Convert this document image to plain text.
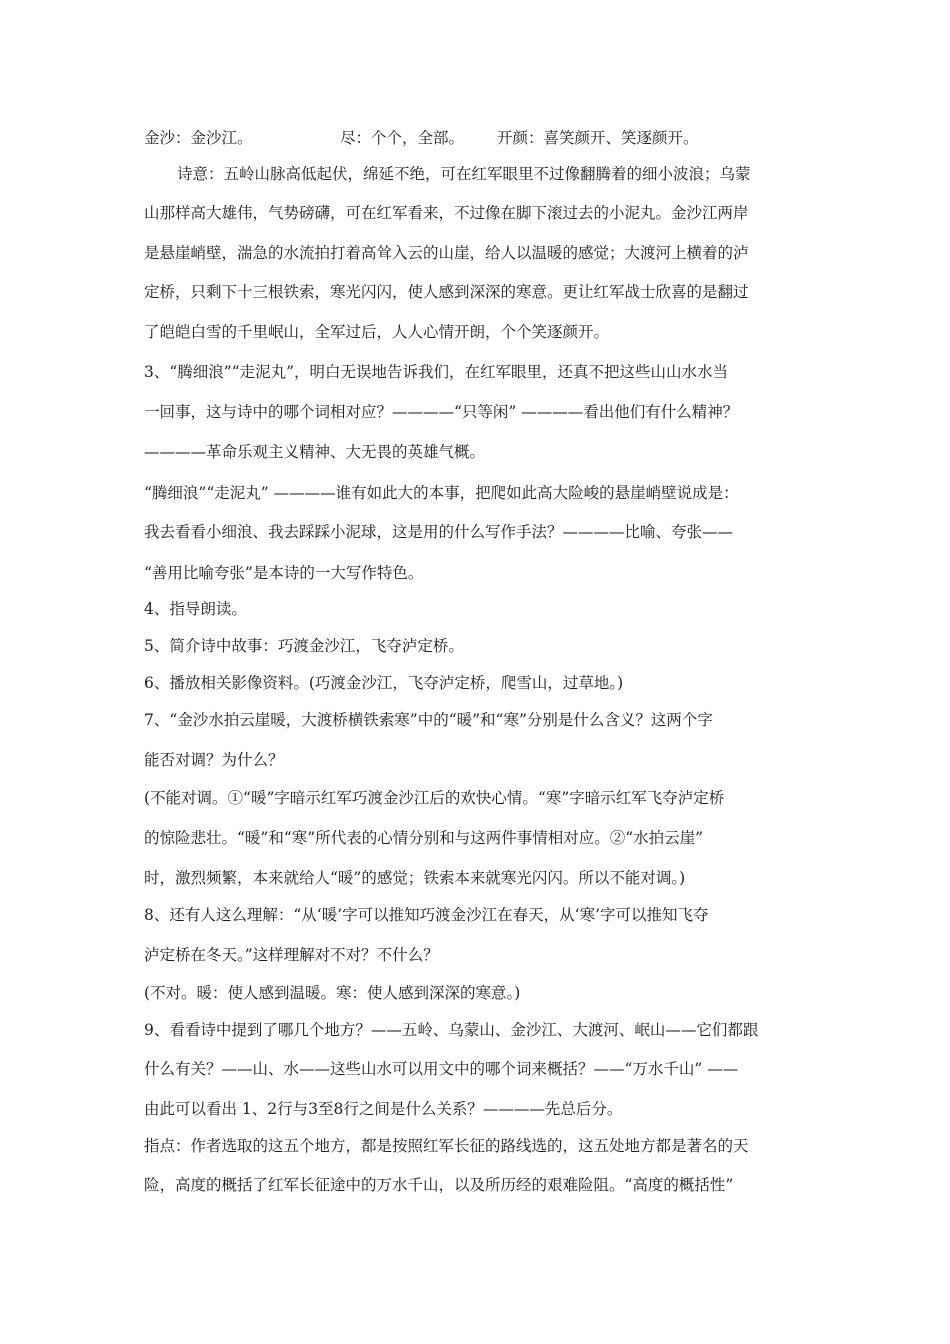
金沙：金沙江。	尽：个个，全部。 开颜：喜笑颜开、笑逐颜开。
诗意：五岭山脉高低起伏，绵延不绝，可在红军眼里不过像翻腾着的细小波浪；乌蒙
山那样高大雄伟，气势磅礴，可在红军看来，不过像在脚下滚过去的小泥丸。金沙江两岸
是悬崖峭壁，湍急的水流拍打着高耸入云的山崖，给人以温暖的感觉；大渡河上横着的泸
定桥，只剩下十三根铁索，寒光闪闪，使人感到深深的寒意。更让红军战士欣喜的是翻过
了皑皑白雪的千里岷山，全军过后，人人心情开朗，个个笑逐颜开。
3、“腾细浪”“走泥丸”，明白无误地告诉我们，在红军眼里，还真不把这些山山水水当
一回事，这与诗中的哪个词相对应？————“只等闲” ————看出他们有什么精神？
————革命乐观主义精神、大无畏的英雄气概。
“腾细浪”“走泥丸” ————谁有如此大的本事，把爬如此高大险峻的悬崖峭壁说成是：
我去看看小细浪、我去踩踩小泥球，这是用的什么写作手法？————比喻、夸张——
“善用比喻夸张”是本诗的一大写作特色。
4、指导朗读。
5、简介诗中故事：巧渡金沙江，飞夺泸定桥。
6、播放相关影像资料。(巧渡金沙江，飞夺泸定桥，爬雪山，过草地。)
7、“金沙水拍云崖暖，大渡桥横铁索寒”中的“暖”和“寒”分别是什么含义？这两个字
能否对调？为什么？
(不能对调。①“暖”字暗示红军巧渡金沙江后的欢快心情。“寒”字暗示红军飞夺泸定桥
的惊险悲壮。“暖”和“寒”所代表的心情分别和与这两件事情相对应。②“水拍云崖”
时，激烈频繁，本来就给人“暖”的感觉；铁索本来就寒光闪闪。所以不能对调。)
8、还有人这么理解：“从‘暖’字可以推知巧渡金沙江在春天，从‘寒’字可以推知飞夺
泸定桥在冬天。”这样理解对不对？不什么？
(不对。暖：使人感到温暖。寒：使人感到深深的寒意。)
9、看看诗中提到了哪几个地方？——五岭、乌蒙山、金沙江、大渡河、岷山——它们都跟
什么有关？——山、水——这些山水可以用文中的哪个词来概括？——“万水千山” ——
由此可以看出 1、2行与3至8行之间是什么关系？————先总后分。
指点：作者选取的这五个地方，都是按照红军长征的路线选的，这五处地方都是著名的天
险，高度的概括了红军长征途中的万水千山，以及所历经的艰难险阻。“高度的概括性”
